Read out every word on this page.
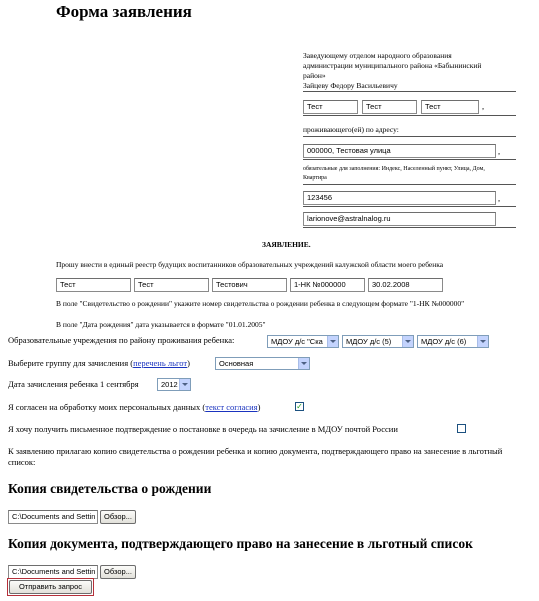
Форма заявления
Заведующему отделом народного образования
администрации муниципального района «Бабынинский
район»
Зайцеву Федору Васильевичу
Тест	Тест	Тест	,
проживающего(ей) по адресу:
000000, Тестовая улица	,
обязательные для заполнения: Индекс, Населенный пункт, Улица, Дом, Квартира
123456	,
larionove@astralnalog.ru
ЗАЯВЛЕНИЕ.
Прошу внести в единый реестр будущих воспитанников образовательных учреждений калужской области моего ребенка
Тест	Тест	Тестович	1-НК №000000	30.02.2008
В поле "Свидетельство о рождении" укажите номер свидетельства о рождении ребенка в следующем формате "1-НК №000000"
В поле "Дата рождения" дата указывается в формате "01.01.2005"
Образовательные учреждения по району проживания ребенка:	МДОУ д/с "Ска	МДОУ д/с (5)	МДОУ д/с (6)
Выберите группу для зачисления (перечень льгот)	Основная
Дата зачисления ребенка 1 сентября	2012
Я согласен на обработку моих персональных данных (текст согласия)	✓
Я хочу получить письменное подтверждение о постановке в очередь на зачисление в МДОУ почтой России
К заявлению прилагаю копию свидетельства о рождении ребенка и копию документа, подтверждающего право на занесение в льготный список:
Копия свидетельства о рождении
C:\Documents and Settin	Обзор...
Копия документа, подтверждающего право на занесение в льготный список
C:\Documents and Settin	Обзор...
Отправить запрос
